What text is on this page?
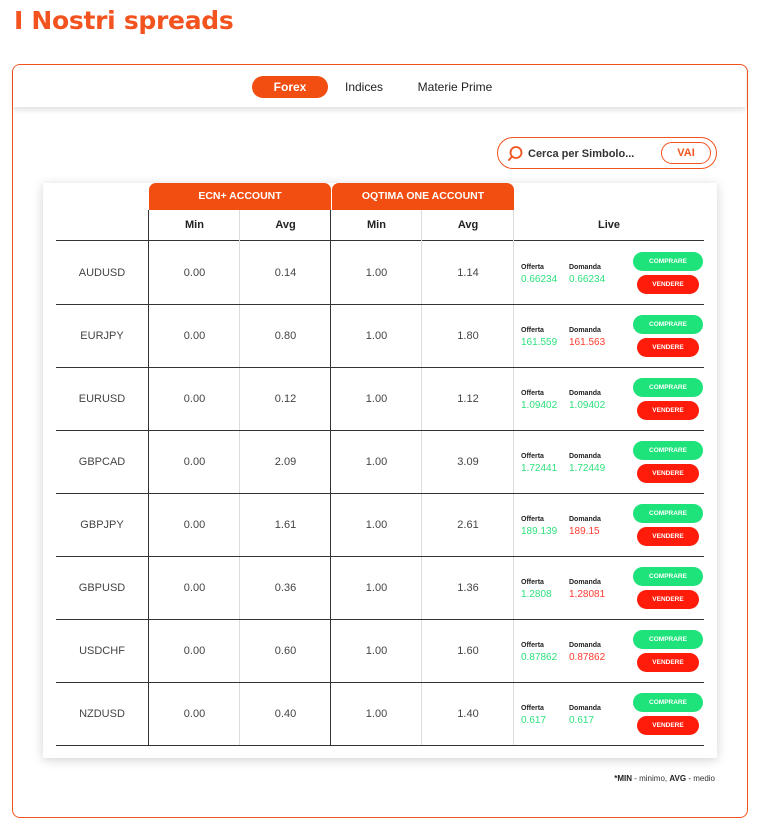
I Nostri spreads
Forex	Indices	Materie Prime
Cerca per Simbolo...
VAI
ECN+ ACCOUNT	OQTIMA ONE ACCOUNT
Min	Avg	Min	Avg	Live
AUDUSD	0.00	0.14	1.00	1.14	Offerta	Domanda
0.66234 0.66234
COMPRARE
VENDERE
EURJPY	0.00	0.80	1.00	1.80	Offerta	Domanda
161.559 161.563
COMPRARE
VENDERE
EURUSD	0.00	0.12	1.00	1.12	Offerta	Domanda
1.09402 1.09402
COMPRARE
VENDERE
GBPCAD	0.00	2.09	1.00	3.09	Offerta	Domanda
1.72441 1.72449
COMPRARE
VENDERE
GBPJPY	0.00	1.61	1.00	2.61	Offerta	Domanda
189.139 189.15
COMPRARE
VENDERE
GBPUSD	0.00	0.36	1.00	1.36	Offerta	Domanda
1.2808 1.28081
COMPRARE
VENDERE
USDCHF	0.00	0.60	1.00	1.60	Offerta	Domanda
0.87862 0.87862
COMPRARE
VENDERE
NZDUSD	0.00	0.40	1.00	1.40	Offerta	Domanda
0.617 0.617
COMPRARE
VENDERE
*MIN - minimo, AVG - medio
